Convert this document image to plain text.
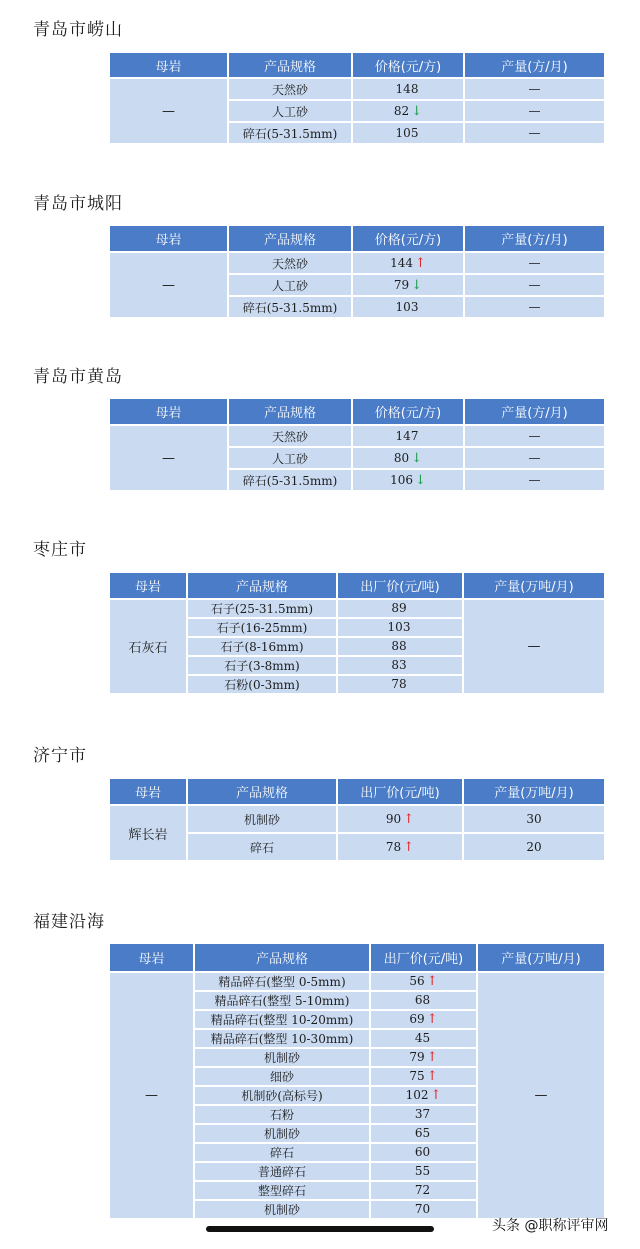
青岛市崂山
母岩	产品规格	价格(元/方)	产量(方/月)
—	天然砂	148	—
	人工砂	82 ↓	—
	碎石(5-31.5mm)	105	—
青岛市城阳
母岩	产品规格	价格(元/方)	产量(方/月)
—	天然砂	144 ↑	—
	人工砂	79 ↓	—
	碎石(5-31.5mm)	103	—
青岛市黄岛
母岩	产品规格	价格(元/方)	产量(方/月)
—	天然砂	147	—
	人工砂	80 ↓	—
	碎石(5-31.5mm)	106 ↓	—
枣庄市
母岩	产品规格	出厂价(元/吨)	产量(万吨/月)
石灰石	石子(25-31.5mm)	89	—
	石子(16-25mm)	103	
	石子(8-16mm)	88	
	石子(3-8mm)	83	
	石粉(0-3mm)	78	
济宁市
母岩	产品规格	出厂价(元/吨)	产量(万吨/月)
辉长岩	机制砂	90 ↑	30
	碎石	78 ↑	20
福建沿海
母岩	产品规格	出厂价(元/吨)	产量(万吨/月)
—	精品碎石(整型 0-5mm)	56 ↑	—
	精品碎石(整型 5-10mm)	68	
	精品碎石(整型 10-20mm)	69 ↑	
	精品碎石(整型 10-30mm)	45	
	机制砂	79 ↑	
	细砂	75 ↑	
	机制砂(高标号)	102 ↑	
	石粉	37	
	机制砂	65	
	碎石	60	
	普通碎石	55	
	整型碎石	72	
	机制砂	70	
头条 @职称评审网
